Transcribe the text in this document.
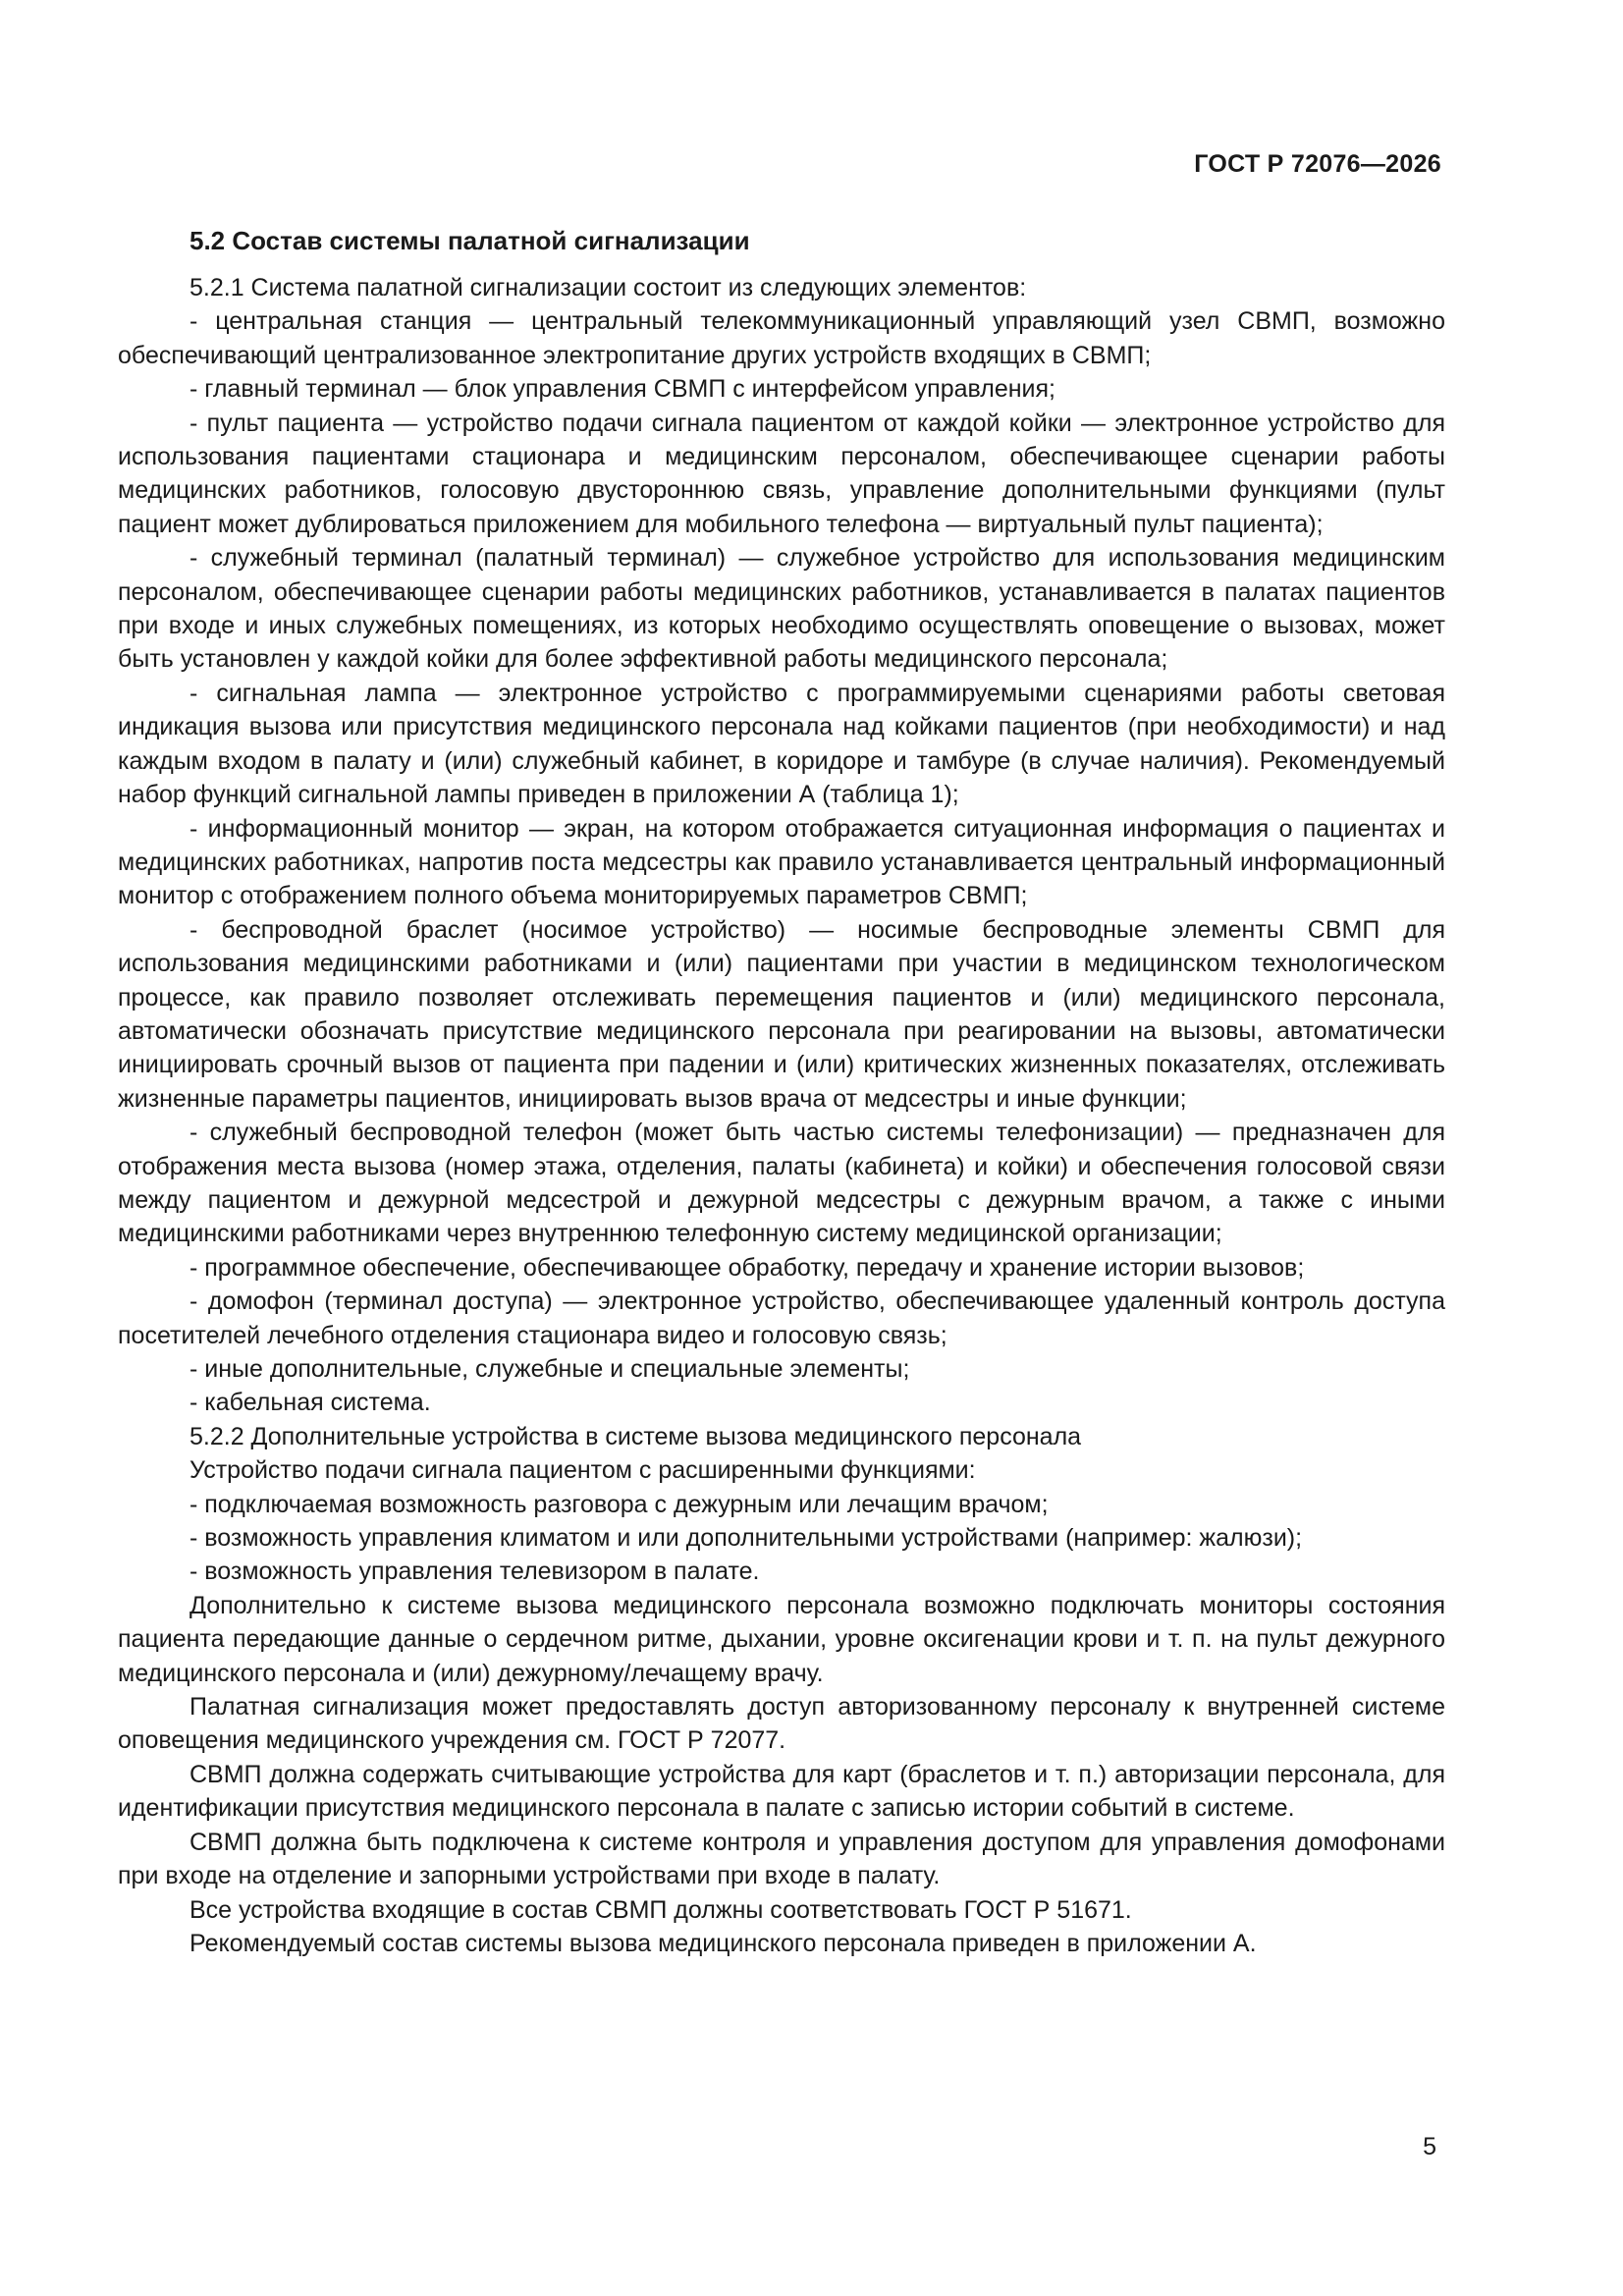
ГОСТ Р 72076—2026
5.2 Состав системы палатной сигнализации

5.2.1 Система палатной сигнализации состоит из следующих элементов:

- центральная станция — центральный телекоммуникационный управляющий узел СВМП, возможно обеспечивающий централизованное электропитание других устройств входящих в СВМП;

- главный терминал — блок управления СВМП с интерфейсом управления;

- пульт пациента — устройство подачи сигнала пациентом от каждой койки — электронное устройство для использования пациентами стационара и медицинским персоналом, обеспечивающее сценарии работы медицинских работников, голосовую двустороннюю связь, управление дополнительными функциями (пульт пациент может дублироваться приложением для мобильного телефона — виртуальный пульт пациента);

- служебный терминал (палатный терминал) — служебное устройство для использования медицинским персоналом, обеспечивающее сценарии работы медицинских работников, устанавливается в палатах пациентов при входе и иных служебных помещениях, из которых необходимо осуществлять оповещение о вызовах, может быть установлен у каждой койки для более эффективной работы медицинского персонала;

- сигнальная лампа — электронное устройство с программируемыми сценариями работы световая индикация вызова или присутствия медицинского персонала над койками пациентов (при необходимости) и над каждым входом в палату и (или) служебный кабинет, в коридоре и тамбуре (в случае наличия). Рекомендуемый набор функций сигнальной лампы приведен в приложении А (таблица 1);

- информационный монитор — экран, на котором отображается ситуационная информация о пациентах и медицинских работниках, напротив поста медсестры как правило устанавливается центральный информационный монитор с отображением полного объема мониторируемых параметров СВМП;

- беспроводной браслет (носимое устройство) — носимые беспроводные элементы СВМП для использования медицинскими работниками и (или) пациентами при участии в медицинском технологическом процессе, как правило позволяет отслеживать перемещения пациентов и (или) медицинского персонала, автоматически обозначать присутствие медицинского персонала при реагировании на вызовы, автоматически инициировать срочный вызов от пациента при падении и (или) критических жизненных показателях, отслеживать жизненные параметры пациентов, инициировать вызов врача от медсестры и иные функции;

- служебный беспроводной телефон (может быть частью системы телефонизации) — предназначен для отображения места вызова (номер этажа, отделения, палаты (кабинета) и койки) и обеспечения голосовой связи между пациентом и дежурной медсестрой и дежурной медсестры с дежурным врачом, а также с иными медицинскими работниками через внутреннюю телефонную систему медицинской организации;

- программное обеспечение, обеспечивающее обработку, передачу и хранение истории вызовов;

- домофон (терминал доступа) — электронное устройство, обеспечивающее удаленный контроль доступа посетителей лечебного отделения стационара видео и голосовую связь;

- иные дополнительные, служебные и специальные элементы;

- кабельная система.

5.2.2 Дополнительные устройства в системе вызова медицинского персонала

Устройство подачи сигнала пациентом с расширенными функциями:

- подключаемая возможность разговора с дежурным или лечащим врачом;

- возможность управления климатом и или дополнительными устройствами (например: жалюзи);

- возможность управления телевизором в палате.

Дополнительно к системе вызова медицинского персонала возможно подключать мониторы состояния пациента передающие данные о сердечном ритме, дыхании, уровне оксигенации крови и т. п. на пульт дежурного медицинского персонала и (или) дежурному/лечащему врачу.

Палатная сигнализация может предоставлять доступ авторизованному персоналу к внутренней системе оповещения медицинского учреждения см. ГОСТ Р 72077.

СВМП должна содержать считывающие устройства для карт (браслетов и т. п.) авторизации персонала, для идентификации присутствия медицинского персонала в палате с записью истории событий в системе.

СВМП должна быть подключена к системе контроля и управления доступом для управления домофонами при входе на отделение и запорными устройствами при входе в палату.

Все устройства входящие в состав СВМП должны соответствовать ГОСТ Р 51671.

Рекомендуемый состав системы вызова медицинского персонала приведен в приложении А.

5
